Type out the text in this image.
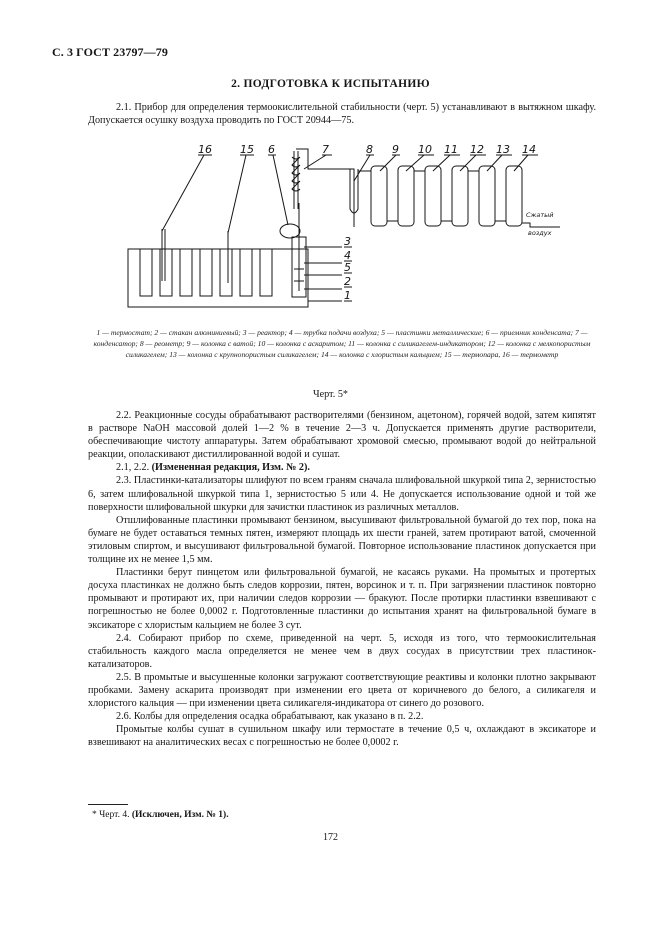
С. 3 ГОСТ 23797—79
2. ПОДГОТОВКА К ИСПЫТАНИЮ

2.1. Прибор для определения термоокислительной стабильности (черт. 5) устанавливают в вытяжном шкафу. Допускается осушку воздуха проводить по ГОСТ 20944—75.

16	15 6	7	8 9 10 11 12 13 14
3
4
5
2
1
Сжатый
воздух
1 — термостат; 2 — стакан алюминиевый; 3 — реактор; 4 — трубка подачи воздуха; 5 — пластинки металлические; 6 — приемник конденсата; 7 — конденсатор; 8 — реометр; 9 — колонка с ватой; 10 — колонка с аскаритом; 11 — колонка с силикагелем-индикатором; 12 — колонка с мелкопористым силикагелем; 13 — колонка с крупнопористым силикагелем; 14 — колонка с хлористым кальцием; 15 — термопара, 16 — термометр
Черт. 5*

2.2. Реакционные сосуды обрабатывают растворителями (бензином, ацетоном), горячей водой, затем кипятят в растворе NaOH массовой долей 1—2 % в течение 2—3 ч. Допускается применять другие растворители, обеспечивающие чистоту аппаратуры. Затем обрабатывают хромовой смесью, промывают водой до нейтральной реакции, ополаскивают дистиллированной водой и сушат.

2.1, 2.2. (Измененная редакция, Изм. № 2).

2.3. Пластинки-катализаторы шлифуют по всем граням сначала шлифовальной шкуркой типа 2, зернистостью 6, затем шлифовальной шкуркой типа 1, зернистостью 5 или 4. Не допускается использование одной и той же поверхности шлифовальной шкурки для зачистки пластинок из различных металлов.

Отшлифованные пластинки промывают бензином, высушивают фильтровальной бумагой до тех пор, пока на бумаге не будет оставаться темных пятен, измеряют площадь их шести граней, затем протирают ватой, смоченной этиловым спиртом, и высушивают фильтровальной бумагой. Повторное использование пластинок допускается при толщине их не менее 1,5 мм.

Пластинки берут пинцетом или фильтровальной бумагой, не касаясь руками. На промытых и протертых досуха пластинках не должно быть следов коррозии, пятен, ворсинок и т. п. При загрязнении пластинок повторно промывают и протирают их, при наличии следов коррозии — бракуют. После протирки пластинки взвешивают с погрешностью не более 0,0002 г. Подготовленные пластинки до испытания хранят на фильтровальной бумаге в эксикаторе с хлористым кальцием не более 3 сут.

2.4. Собирают прибор по схеме, приведенной на черт. 5, исходя из того, что термоокислительная стабильность каждого масла определяется не менее чем в двух сосудах в присутствии трех пластинок-катализаторов.

2.5. В промытые и высушенные колонки загружают соответствующие реактивы и колонки плотно закрывают пробками. Замену аскарита производят при изменении его цвета от коричневого до белого, а силикагеля и хлористого кальция — при изменении цвета силикагеля-индикатора от синего до розового.

2.6. Колбы для определения осадка обрабатывают, как указано в п. 2.2.

Промытые колбы сушат в сушильном шкафу или термостате в течение 0,5 ч, охлаждают в эксикаторе и взвешивают на аналитических весах с погрешностью не более 0,0002 г.

* Черт. 4. (Исключен, Изм. № 1).
172
